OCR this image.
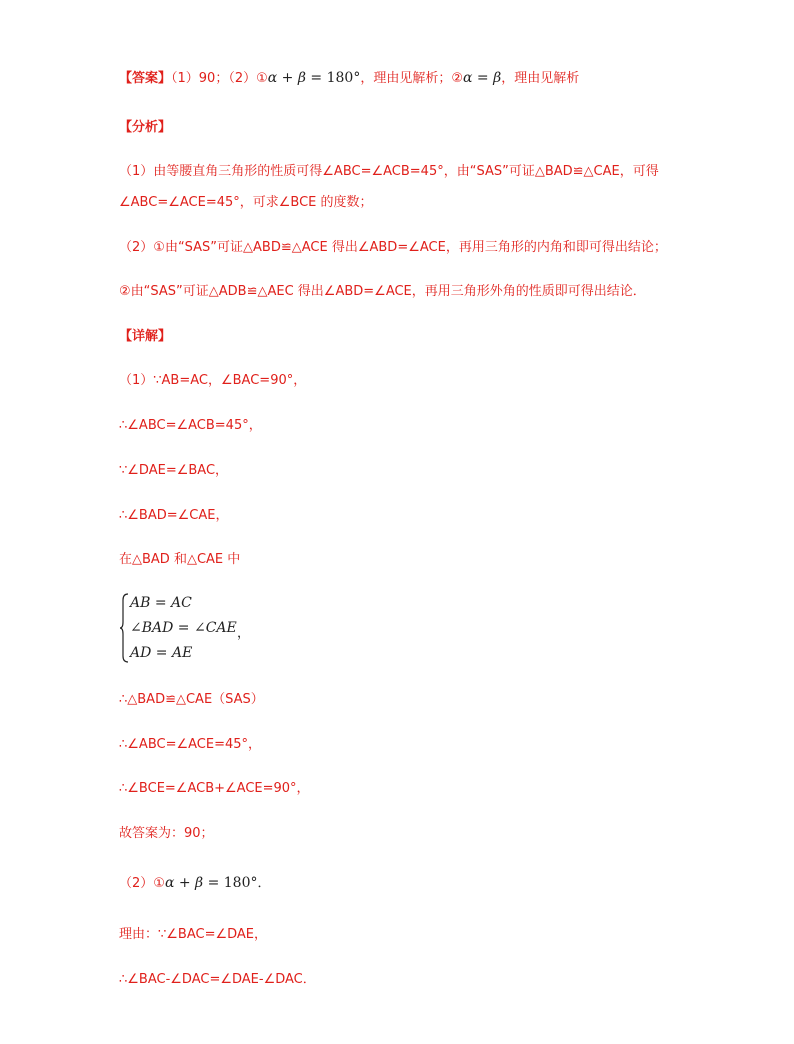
【答案】（1）90；（2）①α + β = 180°，理由见解析；②α = β，理由见解析
【分析】
（1）由等腰直角三角形的性质可得∠ABC=∠ACB=45°，由“SAS”可证△BAD≌△CAE，可得
∠ABC=∠ACE=45°，可求∠BCE 的度数；
（2）①由“SAS”可证△ABD≌△ACE 得出∠ABD=∠ACE，再用三角形的内角和即可得出结论；
②由“SAS”可证△ADB≌△AEC 得出∠ABD=∠ACE，再用三角形外角的性质即可得出结论．
【详解】
（1）∵AB=AC，∠BAC=90°，
∴∠ABC=∠ACB=45°，
∵∠DAE=∠BAC，
∴∠BAD=∠CAE，
在△BAD 和△CAE 中
AB = AC
∠BAD = ∠CAE
AD = AE
，
∴△BAD≌△CAE（SAS）
∴∠ABC=∠ACE=45°，
∴∠BCE=∠ACB+∠ACE=90°，
故答案为：90；
（2）①α + β = 180°．
理由：∵∠BAC=∠DAE，
∴∠BAC-∠DAC=∠DAE-∠DAC．
